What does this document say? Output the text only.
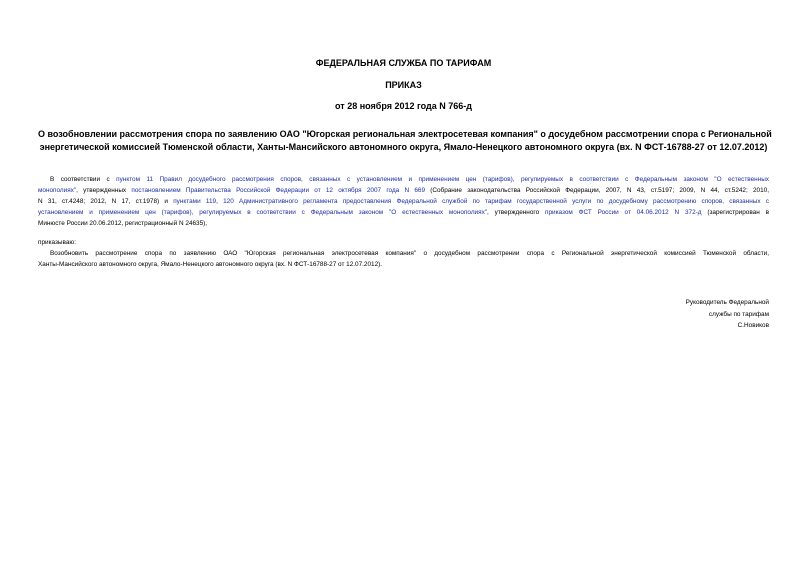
ФЕДЕРАЛЬНАЯ СЛУЖБА ПО ТАРИФАМ
ПРИКАЗ
от 28 ноября 2012 года N 766-д
О возобновлении рассмотрения спора по заявлению ОАО "Югорская региональная электросетевая компания" о досудебном рассмотрении спора с Региональной
энергетической комиссией Тюменской области, Ханты-Мансийского автономного округа, Ямало-Ненецкого автономного округа (вх. N ФСТ-16788-27 от 12.07.2012)
В соответствии с пунктом 11 Правил досудебного рассмотрения споров, связанных с установлением и применением цен (тарифов), регулируемых в соответствии с Федеральным законом "О естественных
монополиях", утвержденных постановлением Правительства Российской Федерации от 12 октября 2007 года N 669 (Собрание законодательства Российской Федерации, 2007, N 43, ст.5197; 2009, N 44, ст.5242; 2010,
N 31, ст.4248; 2012, N 17, ст.1978) и пунктами 119, 120 Административного регламента предоставления Федеральной службой по тарифам государственной услуги по досудебному рассмотрению споров, связанных с
установлением и применением цен (тарифов), регулируемых в соответствии с Федеральным законом "О естественных монополиях", утвержденного приказом ФСТ России от 04.06.2012 N 372-д (зарегистрирован в
Минюсте России 20.06.2012, регистрационный N 24635),
приказываю:
Возобновить рассмотрение спора по заявлению ОАО "Югорская региональная электросетевая компания" о досудебном рассмотрении спора с Региональной энергетической комиссией Тюменской области,
Ханты-Мансийского автономного округа, Ямало-Ненецкого автономного округа (вх. N ФСТ-16788-27 от 12.07.2012).
Руководитель Федеральной
службы по тарифам
С.Новиков
